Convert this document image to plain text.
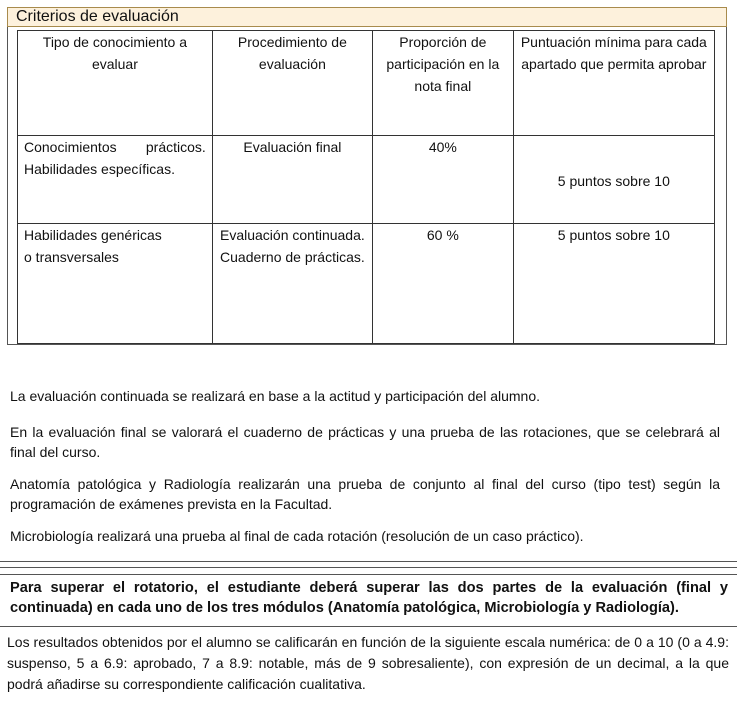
Criterios de evaluación
Tipo de conocimiento a evaluar	Procedimiento de evaluación	Proporción de participación en la nota final	Puntuación mínima para cada apartado que permita aprobar

Conocimientos prácticos.
Habilidades específicas.	Evaluación final	40%	5 puntos sobre 10

Habilidades genéricas
o transversales	Evaluación continuada. Cuaderno de prácticas.	60 %	5 puntos sobre 10
La evaluación continuada se realizará en base a la actitud y participación del alumno.
En la evaluación final se valorará el cuaderno de prácticas y una prueba de las rotaciones, que se celebrará al final del curso.
Anatomía patológica y Radiología realizarán una prueba de conjunto al final del curso (tipo test) según la programación de exámenes prevista en la Facultad.
Microbiología realizará una prueba al final de cada rotación (resolución de un caso práctico).
Para superar el rotatorio, el estudiante deberá superar las dos partes de la evaluación (final y continuada) en cada uno de los tres módulos (Anatomía patológica, Microbiología y Radiología).
Los resultados obtenidos por el alumno se calificarán en función de la siguiente escala numérica: de 0 a 10 (0 a 4.9: suspenso, 5 a 6.9: aprobado, 7 a 8.9: notable, más de 9 sobresaliente), con expresión de un decimal, a la que podrá añadirse su correspondiente calificación cualitativa.
